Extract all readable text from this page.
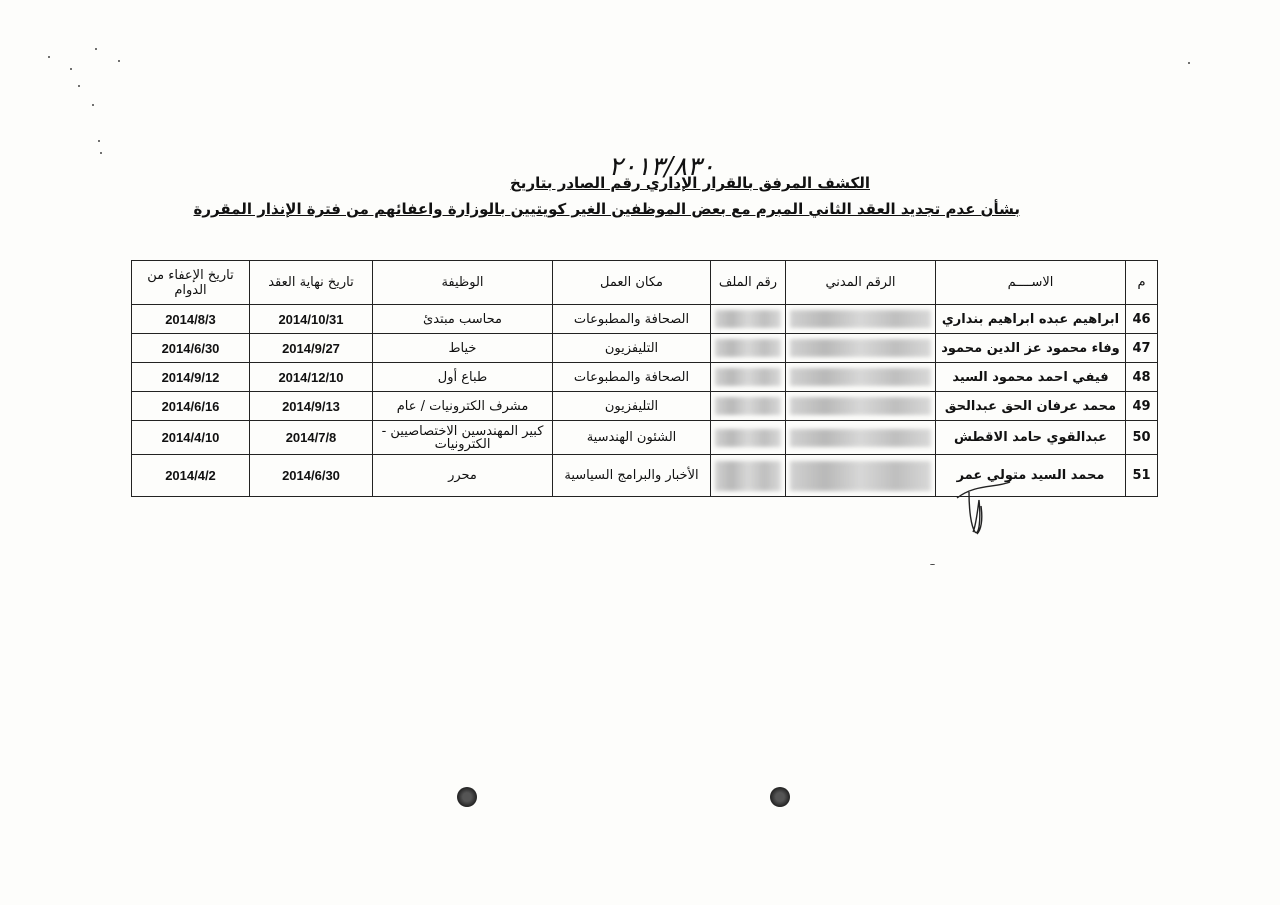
الكشف المرفق بالقرار الإداري رقم الصادر بتاريخ
٢٠١٣/٨٣٠
بشأن عدم تجديد العقد الثاني المبرم مع بعض الموظفين الغير كويتيين بالوزارة واعفائهم من فترة الإنذار المقررة
م	الاســــم	الرقم المدني	رقم الملف	مكان العمل	الوظيفة	تاريخ نهاية العقد	تاريخ الإعفاء من الدوام
46	ابراهيم عبده ابراهيم بنداري			الصحافة والمطبوعات	محاسب مبتدئ	2014/10/31	2014/8/3
47	وفاء محمود عز الدين محمود			التليفزيون	خياط	2014/9/27	2014/6/30
48	فيفي احمد محمود السيد			الصحافة والمطبوعات	طباع أول	2014/12/10	2014/9/12
49	محمد عرفان الحق عبدالحق			التليفزيون	مشرف الكترونيات / عام	2014/9/13	2014/6/16
50	عبدالقوي حامد الاقطش			الشئون الهندسية	كبير المهندسين الاختصاصيين - الكترونيات	2014/7/8	2014/4/10
51	محمد السيد متولي عمر			الأخبار والبرامج السياسية	محرر	2014/6/30	2014/4/2
